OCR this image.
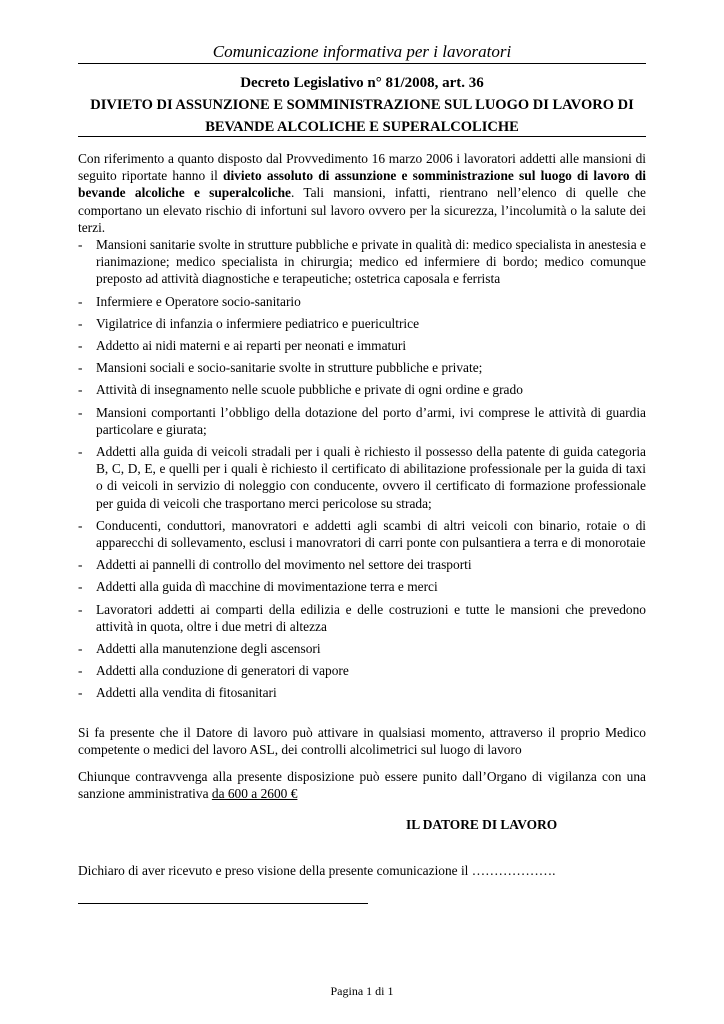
Comunicazione informativa per i lavoratori
Decreto Legislativo n° 81/2008, art. 36
DIVIETO DI ASSUNZIONE E SOMMINISTRAZIONE SUL LUOGO DI LAVORO DI
BEVANDE ALCOLICHE E SUPERALCOLICHE

Con riferimento a quanto disposto dal Provvedimento 16 marzo 2006 i lavoratori addetti alle mansioni di seguito riportate hanno il divieto assoluto di assunzione e somministrazione sul luogo di lavoro di bevande alcoliche e superalcoliche. Tali mansioni, infatti, rientrano nell’elenco di quelle che comportano un elevato rischio di infortuni sul lavoro ovvero per la sicurezza, l’incolumità o la salute dei terzi.

- Mansioni sanitarie svolte in strutture pubbliche e private in qualità di: medico specialista in anestesia e rianimazione; medico specialista in chirurgia; medico ed infermiere di bordo; medico comunque preposto ad attività diagnostiche e terapeutiche; ostetrica caposala e ferrista
- Infermiere e Operatore socio-sanitario
- Vigilatrice di infanzia o infermiere pediatrico e puericultrice
- Addetto ai nidi materni e ai reparti per neonati e immaturi
- Mansioni sociali e socio-sanitarie svolte in strutture pubbliche e private;
- Attività di insegnamento nelle scuole pubbliche e private di ogni ordine e grado
- Mansioni comportanti l’obbligo della dotazione del porto d’armi, ivi comprese le attività di guardia particolare e giurata;
- Addetti alla guida di veicoli stradali per i quali è richiesto il possesso della patente di guida categoria B, C, D, E, e quelli per i quali è richiesto il certificato di abilitazione professionale per la guida di taxi o di veicoli in servizio di noleggio con conducente, ovvero il certificato di formazione professionale per guida di veicoli che trasportano merci pericolose su strada;
- Conducenti, conduttori, manovratori e addetti agli scambi di altri veicoli con binario, rotaie o di apparecchi di sollevamento, esclusi i manovratori di carri ponte con pulsantiera a terra e di monorotaie
- Addetti ai pannelli di controllo del movimento nel settore dei trasporti
- Addetti alla guida dì macchine di movimentazione terra e merci
- Lavoratori addetti ai comparti della edilizia e delle costruzioni e tutte le mansioni che prevedono attività in quota, oltre i due metri di altezza
- Addetti alla manutenzione degli ascensori
- Addetti alla conduzione di generatori di vapore
- Addetti alla vendita di fitosanitari

Si fa presente che il Datore di lavoro può attivare in qualsiasi momento, attraverso il proprio Medico competente o medici del lavoro ASL, dei controlli alcolimetrici sul luogo di lavoro

Chiunque contravvenga alla presente disposizione può essere punito dall’Organo di vigilanza con una sanzione amministrativa da 600 a 2600 €

IL DATORE DI LAVORO
Dichiaro di aver ricevuto e preso visione della presente comunicazione il ……………….
Pagina 1 di 1
